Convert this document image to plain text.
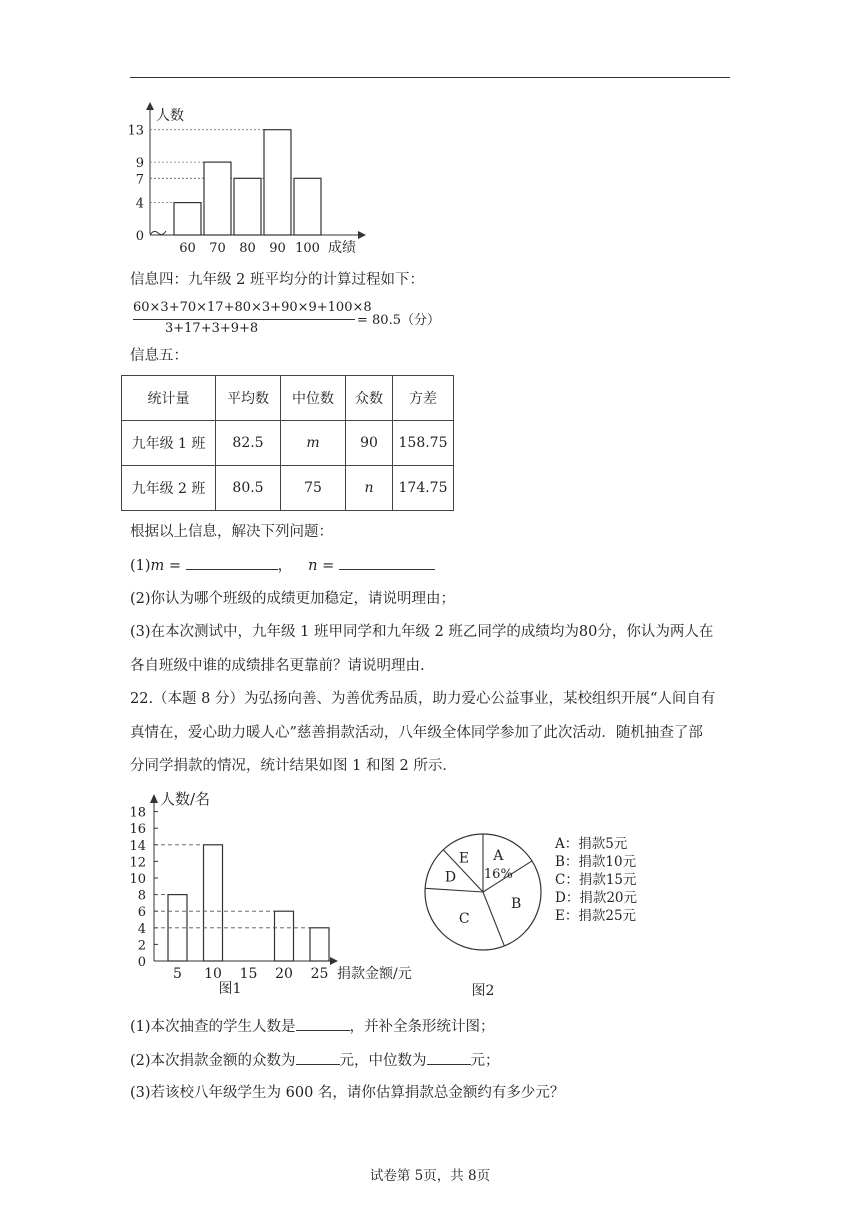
人数
成绩
0
4
7
9
13
60 70 80 90 100
信息四：九年级 2 班平均分的计算过程如下：
60×3+70×17+80×3+90×9+100×8
3+17+3+9+8
= 80.5（分）
信息五：
统计量	平均数	中位数	众数	方差
九年级 1 班	82.5	m	90	158.75
九年级 2 班	80.5	75	n	174.75
根据以上信息，解决下列问题：
(1)m =	， n =
(2)你认为哪个班级的成绩更加稳定，请说明理由；
(3)在本次测试中，九年级 1 班甲同学和九年级 2 班乙同学的成绩均为80分，你认为两人在
各自班级中谁的成绩排名更靠前？请说明理由.
22.（本题 8 分）为弘扬向善、为善优秀品质，助力爱心公益事业，某校组织开展“人间自有
真情在，爱心助力暖人心”慈善捐款活动，八年级全体同学参加了此次活动．随机抽查了部
分同学捐款的情况，统计结果如图 1 和图 2 所示．
人数/名
捐款金额/元
图1
0
2
4
6
8
10
12
14
16
18
5 10 15 20 25
A
B
C
D
E
16%
A：捐款5元
B：捐款10元
C：捐款15元
D：捐款20元
E：捐款25元
图2
(1)本次抽查的学生人数是	，并补全条形统计图；
(2)本次捐款金额的众数为	元，中位数为	元；
(3)若该校八年级学生为 600 名，请你估算捐款总金额约有多少元？
试卷第 5页，共 8页
